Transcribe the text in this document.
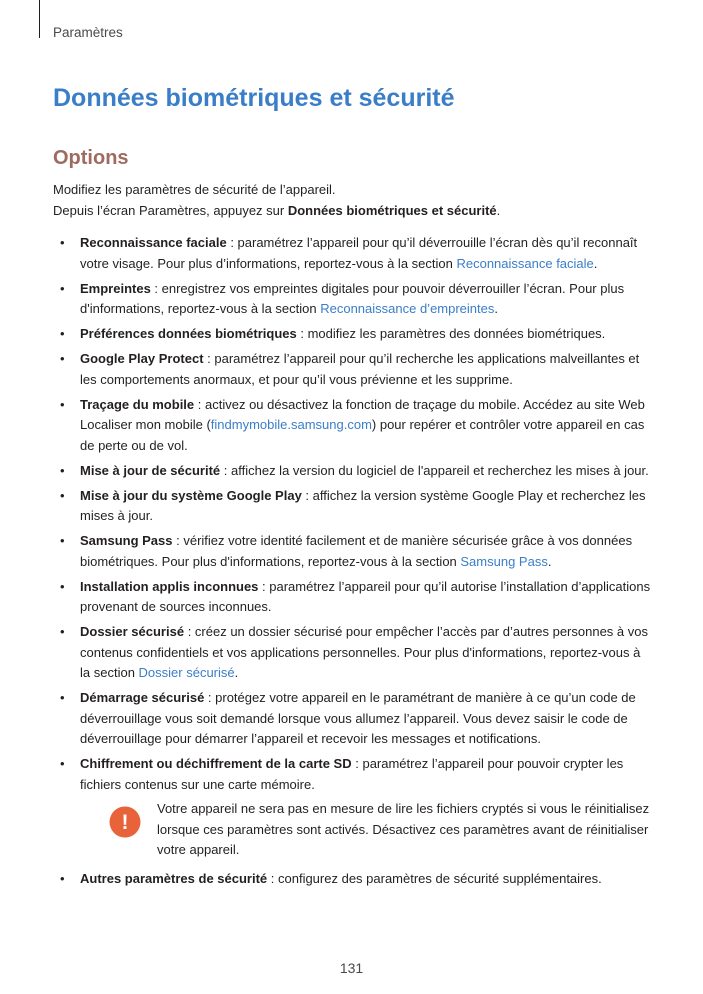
Paramètres
Données biométriques et sécurité
Options

Modifiez les paramètres de sécurité de l’appareil.

Depuis l’écran Paramètres, appuyez sur Données biométriques et sécurité.

• Reconnaissance faciale : paramétrez l’appareil pour qu’il déverrouille l’écran dès qu’il reconnaît votre visage. Pour plus d’informations, reportez-vous à la section Reconnaissance faciale.
• Empreintes : enregistrez vos empreintes digitales pour pouvoir déverrouiller l’écran. Pour plus d'informations, reportez-vous à la section Reconnaissance d’empreintes.
• Préférences données biométriques : modifiez les paramètres des données biométriques.
• Google Play Protect : paramétrez l’appareil pour qu’il recherche les applications malveillantes et les comportements anormaux, et pour qu’il vous prévienne et les supprime.
• Traçage du mobile : activez ou désactivez la fonction de traçage du mobile. Accédez au site Web Localiser mon mobile (findmymobile.samsung.com) pour repérer et contrôler votre appareil en cas de perte ou de vol.
• Mise à jour de sécurité : affichez la version du logiciel de l'appareil et recherchez les mises à jour.
• Mise à jour du système Google Play : affichez la version système Google Play et recherchez les mises à jour.
• Samsung Pass : vérifiez votre identité facilement et de manière sécurisée grâce à vos données biométriques. Pour plus d'informations, reportez-vous à la section Samsung Pass.
• Installation applis inconnues : paramétrez l’appareil pour qu’il autorise l’installation d’applications provenant de sources inconnues.
• Dossier sécurisé : créez un dossier sécurisé pour empêcher l’accès par d’autres personnes à vos contenus confidentiels et vos applications personnelles. Pour plus d'informations, reportez-vous à la section Dossier sécurisé.
• Démarrage sécurisé : protégez votre appareil en le paramétrant de manière à ce qu’un code de déverrouillage vous soit demandé lorsque vous allumez l’appareil. Vous devez saisir le code de déverrouillage pour démarrer l’appareil et recevoir les messages et notifications.
• Chiffrement ou déchiffrement de la carte SD : paramétrez l’appareil pour pouvoir crypter les fichiers contenus sur une carte mémoire.
!
Votre appareil ne sera pas en mesure de lire les fichiers cryptés si vous le réinitialisez lorsque ces paramètres sont activés. Désactivez ces paramètres avant de réinitialiser votre appareil.
• Autres paramètres de sécurité : configurez des paramètres de sécurité supplémentaires.
131
